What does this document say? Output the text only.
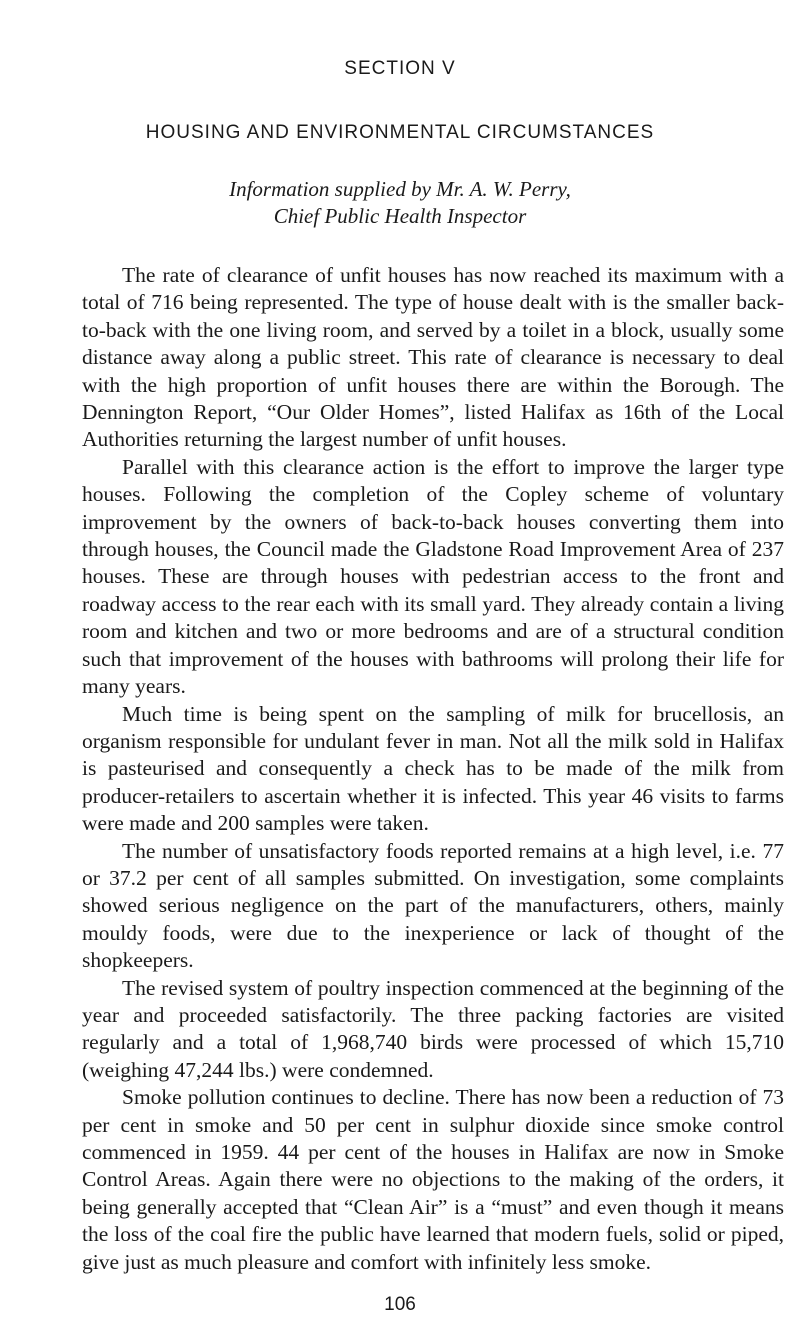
SECTION V
HOUSING AND ENVIRONMENTAL CIRCUMSTANCES
Information supplied by Mr. A. W. Perry,
Chief Public Health Inspector

The rate of clearance of unfit houses has now reached its maximum with a total of 716 being represented. The type of house dealt with is the smaller back-to-back with the one living room, and served by a toilet in a block, usually some distance away along a public street. This rate of clearance is necessary to deal with the high proportion of unfit houses there are within the Borough. The Dennington Report, “Our Older Homes”, listed Halifax as 16th of the Local Authorities returning the largest number of unfit houses.

Parallel with this clearance action is the effort to improve the larger type houses. Following the completion of the Copley scheme of voluntary improvement by the owners of back-to-back houses converting them into through houses, the Council made the Gladstone Road Improvement Area of 237 houses. These are through houses with pedestrian access to the front and roadway access to the rear each with its small yard. They already contain a living room and kitchen and two or more bedrooms and are of a structural condition such that improvement of the houses with bathrooms will prolong their life for many years.

Much time is being spent on the sampling of milk for brucellosis, an organism responsible for undulant fever in man. Not all the milk sold in Halifax is pasteurised and consequently a check has to be made of the milk from producer-retailers to ascertain whether it is infected. This year 46 visits to farms were made and 200 samples were taken.

The number of unsatisfactory foods reported remains at a high level, i.e. 77 or 37.2 per cent of all samples submitted. On investigation, some complaints showed serious negligence on the part of the manufacturers, others, mainly mouldy foods, were due to the inexperience or lack of thought of the shopkeepers.

The revised system of poultry inspection commenced at the beginning of the year and proceeded satisfactorily. The three packing factories are visited regularly and a total of 1,968,740 birds were processed of which 15,710 (weighing 47,244 lbs.) were condemned.

Smoke pollution continues to decline. There has now been a reduction of 73 per cent in smoke and 50 per cent in sulphur dioxide since smoke control commenced in 1959. 44 per cent of the houses in Halifax are now in Smoke Control Areas. Again there were no objections to the making of the orders, it being generally accepted that “Clean Air” is a “must” and even though it means the loss of the coal fire the public have learned that modern fuels, solid or piped, give just as much pleasure and comfort with infinitely less smoke.

106
